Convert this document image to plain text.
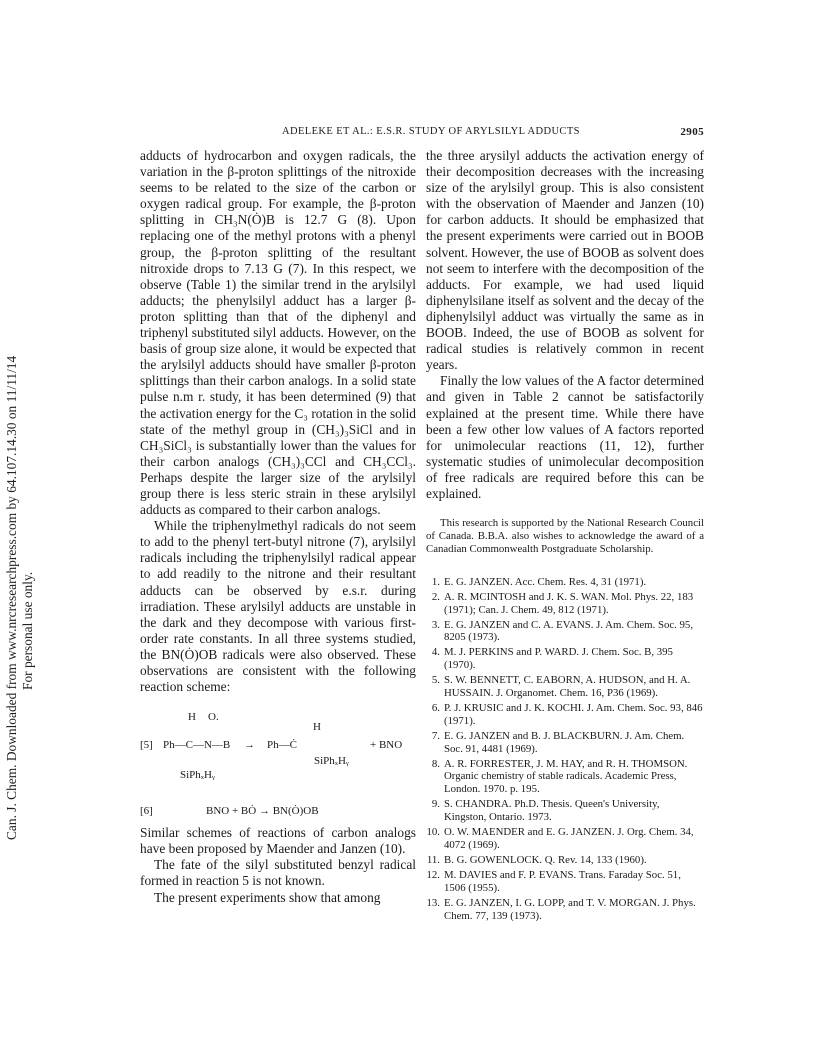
Can. J. Chem. Downloaded from www.nrcresearchpress.com by 64.107.14.30 on 11/11/14 For personal use only.
ADELEKE ET AL.: E.S.R. STUDY OF ARYLSILYL ADDUCTS	2905

adducts of hydrocarbon and oxygen radicals, the variation in the β-proton splittings of the nitroxide seems to be related to the size of the carbon or oxygen radical group. For example, the β-proton splitting in CH₃N(Ȯ)B is 12.7 G (8). Upon replacing one of the methyl protons with a phenyl group, the β-proton splitting of the resultant nitroxide drops to 7.13 G (7). In this respect, we observe (Table 1) the similar trend in the arylsilyl adducts; the phenylsilyl adduct has a larger β-proton splitting than that of the diphenyl and triphenyl substituted silyl adducts. However, on the basis of group size alone, it would be expected that the arylsilyl adducts should have smaller β-proton splittings than their carbon analogs. In a solid state pulse n.m r. study, it has been determined (9) that the activation energy for the C₃ rotation in the solid state of the methyl group in (CH₃)₃SiCl and in CH₃SiCl₃ is substantially lower than the values for their carbon analogs (CH₃)₃CCl and CH₃CCl₃. Perhaps despite the larger size of the arylsilyl group there is less steric strain in these arylsilyl adducts as compared to their carbon analogs.

While the triphenylmethyl radicals do not seem to add to the phenyl tert-butyl nitrone (7), arylsilyl radicals including the triphenylsilyl radical appear to add readily to the nitrone and their resultant adducts can be observed by e.s.r. during irradiation. These arylsilyl adducts are unstable in the dark and they decompose with various first-order rate constants. In all three systems studied, the BN(Ȯ)OB radicals were also observed. These observations are consistent with the following reaction scheme:

[5]
H O.
Ph—C—N—B → Ph—Ċ
H
SiPhₓHᵧ
+ BNO
SiPhₓHᵧ
[6]	BNO + BȮ → BN(Ȯ)OB

Similar schemes of reactions of carbon analogs have been proposed by Maender and Janzen (10).

The fate of the silyl substituted benzyl radical formed in reaction 5 is not known.

The present experiments show that among

the three arysilyl adducts the activation energy of their decomposition decreases with the increasing size of the arylsilyl group. This is also consistent with the observation of Maender and Janzen (10) for carbon adducts. It should be emphasized that the present experiments were carried out in BOOB solvent. However, the use of BOOB as solvent does not seem to interfere with the decomposition of the adducts. For example, we had used liquid diphenylsilane itself as solvent and the decay of the diphenylsilyl adduct was virtually the same as in BOOB. Indeed, the use of BOOB as solvent for radical studies is relatively common in recent years.

Finally the low values of the A factor determined and given in Table 2 cannot be satisfactorily explained at the present time. While there have been a few other low values of A factors reported for unimolecular reactions (11, 12), further systematic studies of unimolecular decomposition of free radicals are required before this can be explained.

This research is supported by the National Research Council of Canada. B.B.A. also wishes to acknowledge the award of a Canadian Commonwealth Postgraduate Scholarship.

1. E. G. JANZEN. Acc. Chem. Res. 4, 31 (1971).
2. A. R. MCINTOSH and J. K. S. WAN. Mol. Phys. 22, 183 (1971); Can. J. Chem. 49, 812 (1971).
3. E. G. JANZEN and C. A. EVANS. J. Am. Chem. Soc. 95, 8205 (1973).
4. M. J. PERKINS and P. WARD. J. Chem. Soc. B, 395 (1970).
5. S. W. BENNETT, C. EABORN, A. HUDSON, and H. A. HUSSAIN. J. Organomet. Chem. 16, P36 (1969).
6. P. J. KRUSIC and J. K. KOCHI. J. Am. Chem. Soc. 93, 846 (1971).
7. E. G. JANZEN and B. J. BLACKBURN. J. Am. Chem. Soc. 91, 4481 (1969).
8. A. R. FORRESTER, J. M. HAY, and R. H. THOMSON. Organic chemistry of stable radicals. Academic Press, London. 1970. p. 195.
9. S. CHANDRA. Ph.D. Thesis. Queen's University, Kingston, Ontario. 1973.
10. O. W. MAENDER and E. G. JANZEN. J. Org. Chem. 34, 4072 (1969).
11. B. G. GOWENLOCK. Q. Rev. 14, 133 (1960).
12. M. DAVIES and F. P. EVANS. Trans. Faraday Soc. 51, 1506 (1955).
13. E. G. JANZEN, I. G. LOPP, and T. V. MORGAN. J. Phys. Chem. 77, 139 (1973).
